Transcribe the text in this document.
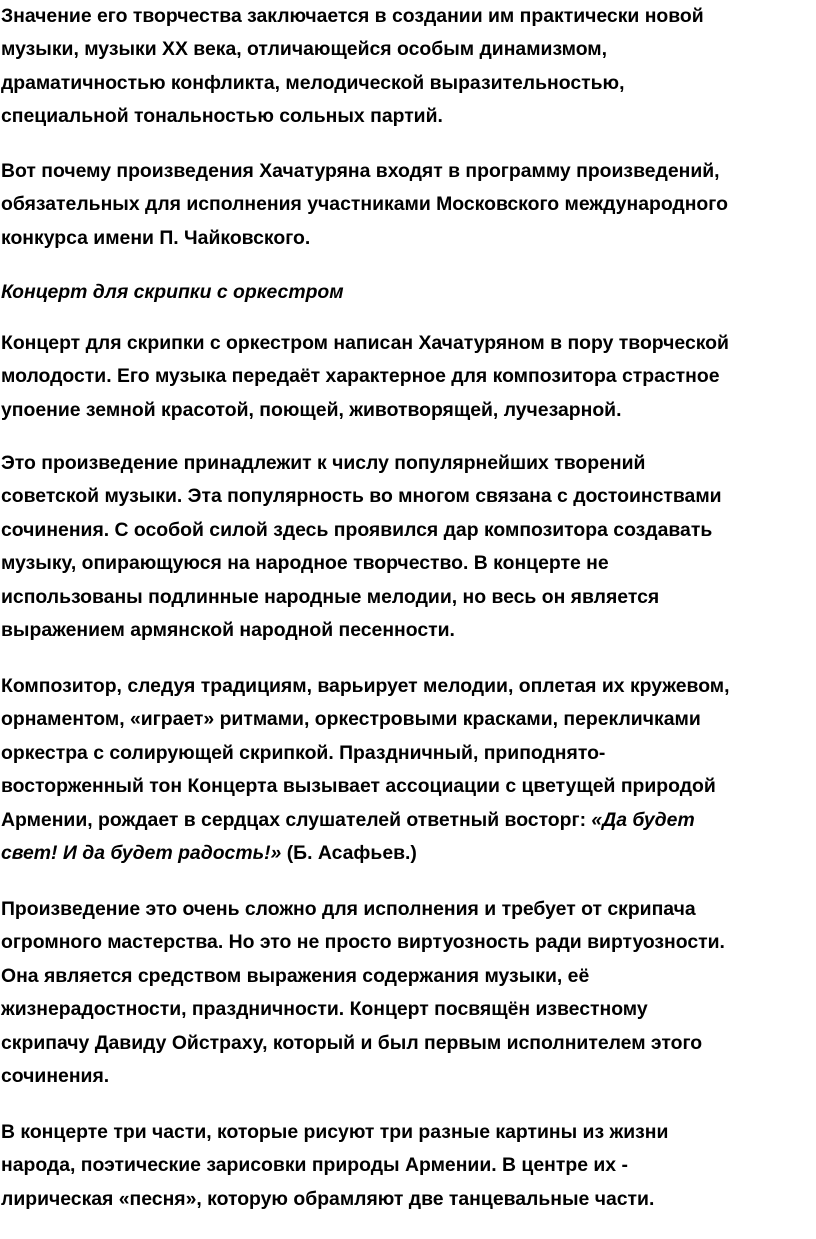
Значение его творчества заключается в создании им практически новой
музыки, музыки XX века, отличающейся особым динамизмом,
драматичностью конфликта, мелодической выразительностью,
специальной тональностью сольных партий.

Вот почему произведения Хачатуряна входят в программу произведений,
обязательных для исполнения участниками Московского международного
конкурса имени П. Чайковского.

Концерт для скрипки с оркестром

Концерт для скрипки с оркестром написан Хачатуряном в пору творческой
молодости. Его музыка передаёт характерное для композитора страстное
упоение земной красотой, поющей, животворящей, лучезарной.

Это произведение принадлежит к числу популярнейших творений
советской музыки. Эта популярность во многом связана с достоинствами
сочинения. С особой силой здесь проявился дар композитора создавать
музыку, опирающуюся на народное творчество. В концерте не
использованы подлинные народные мелодии, но весь он является
выражением армянской народной песенности.

Композитор, следуя традициям, варьирует мелодии, оплетая их кружевом,
орнаментом, «играет» ритмами, оркестровыми красками, перекличками
оркестра с солирующей скрипкой. Праздничный, приподнято-
восторженный тон Концерта вызывает ассоциации с цветущей природой
Армении, рождает в сердцах слушателей ответный восторг: «Да будет
свет! И да будет радость!» (Б. Асафьев.)

Произведение это очень сложно для исполнения и требует от скрипача
огромного мастерства. Но это не просто виртуозность ради виртуозности.
Она является средством выражения содержания музыки, её
жизнерадостности, праздничности. Концерт посвящён известному
скрипачу Давиду Ойстраху, который и был первым исполнителем этого
сочинения.

В концерте три части, которые рисуют три разные картины из жизни
народа, поэтические зарисовки природы Армении. В центре их -
лирическая «песня», которую обрамляют две танцевальные части.
